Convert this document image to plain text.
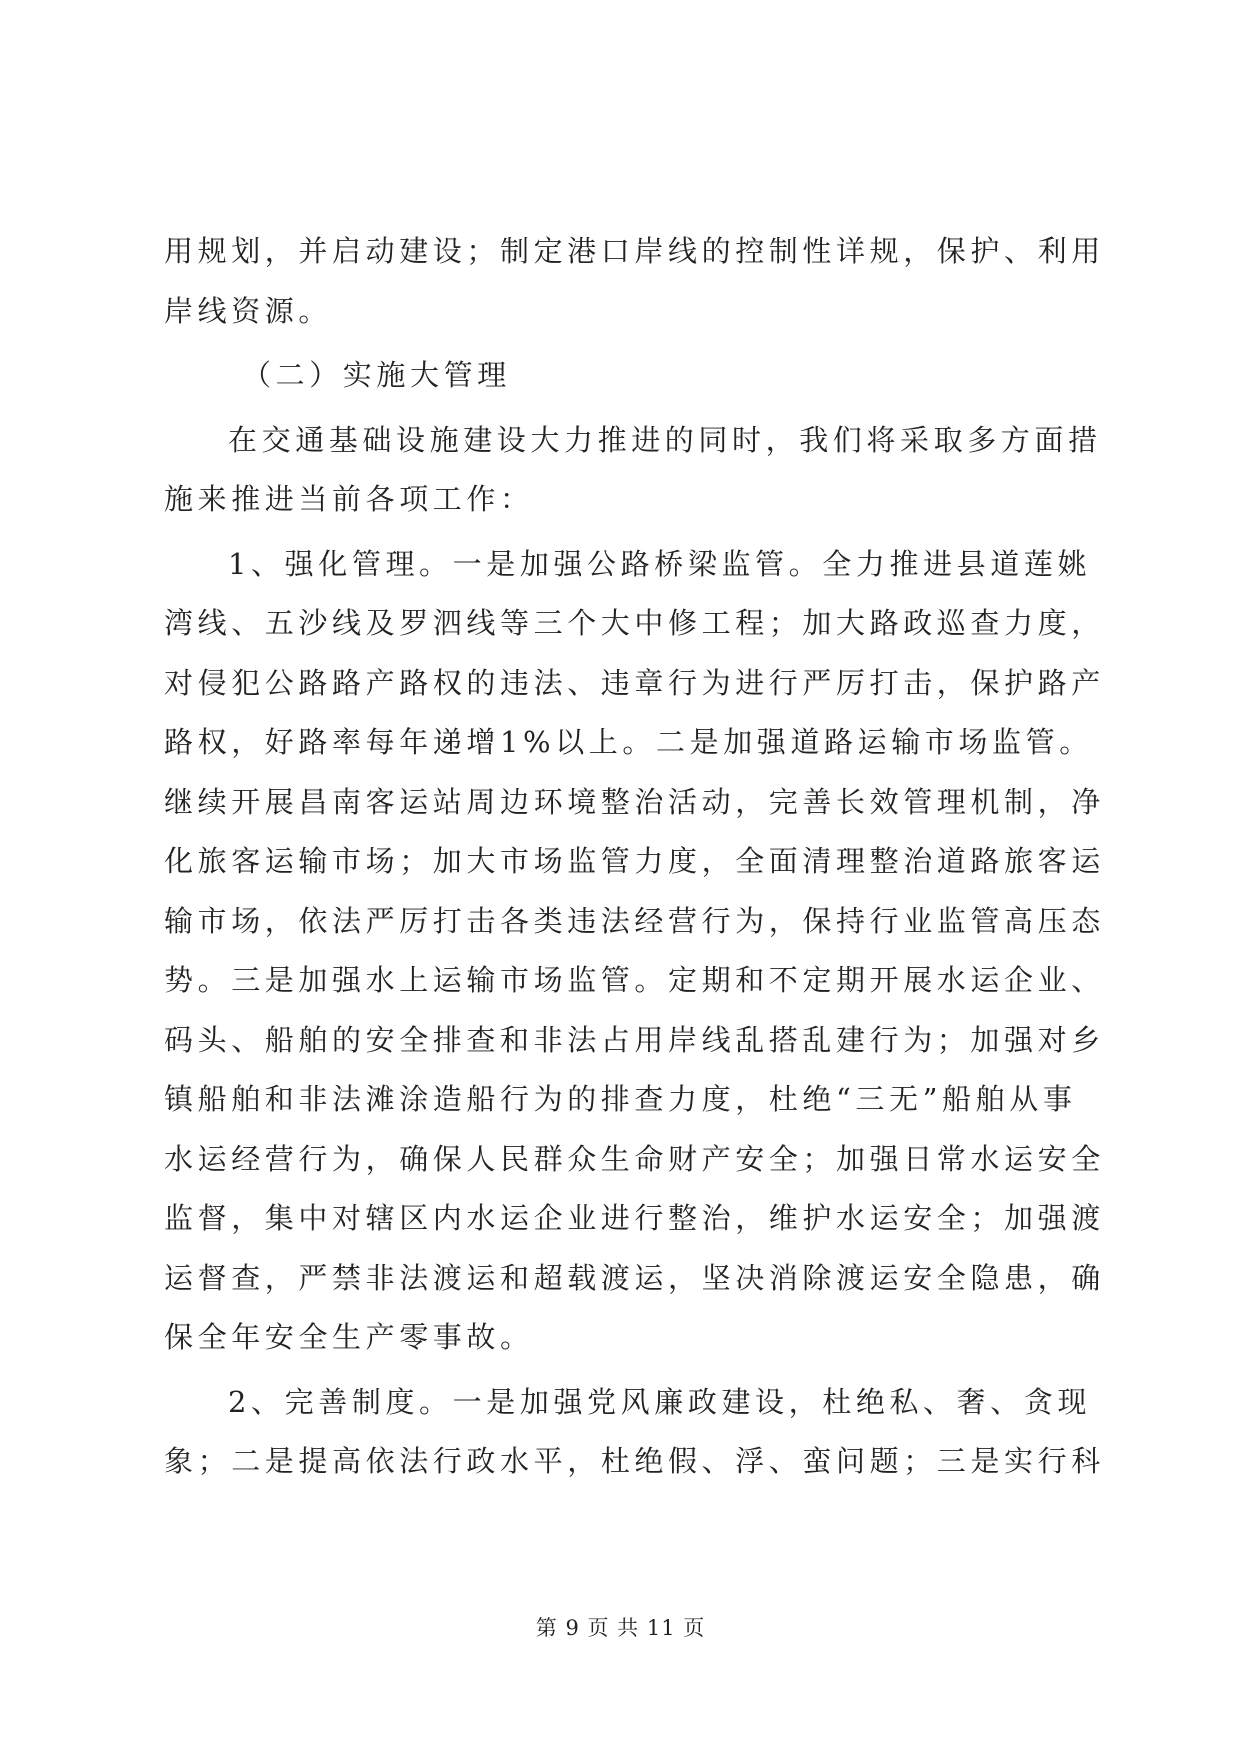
用规划，并启动建设；制定港口岸线的控制性详规，保护、利用
岸线资源。
（二）实施大管理
在交通基础设施建设大力推进的同时，我们将采取多方面措
施来推进当前各项工作：
1、强化管理。一是加强公路桥梁监管。全力推进县道莲姚
湾线、五沙线及罗泗线等三个大中修工程；加大路政巡查力度，
对侵犯公路路产路权的违法、违章行为进行严厉打击，保护路产
路权，好路率每年递增1%以上。二是加强道路运输市场监管。
继续开展昌南客运站周边环境整治活动，完善长效管理机制，净
化旅客运输市场；加大市场监管力度，全面清理整治道路旅客运
输市场，依法严厉打击各类违法经营行为，保持行业监管高压态
势。三是加强水上运输市场监管。定期和不定期开展水运企业、
码头、船舶的安全排查和非法占用岸线乱搭乱建行为；加强对乡
镇船舶和非法滩涂造船行为的排查力度，杜绝“三无”船舶从事
水运经营行为，确保人民群众生命财产安全；加强日常水运安全
监督，集中对辖区内水运企业进行整治，维护水运安全；加强渡
运督查，严禁非法渡运和超载渡运，坚决消除渡运安全隐患，确
保全年安全生产零事故。
2、完善制度。一是加强党风廉政建设，杜绝私、奢、贪现
象；二是提高依法行政水平，杜绝假、浮、蛮问题；三是实行科
第 9 页 共 11 页
